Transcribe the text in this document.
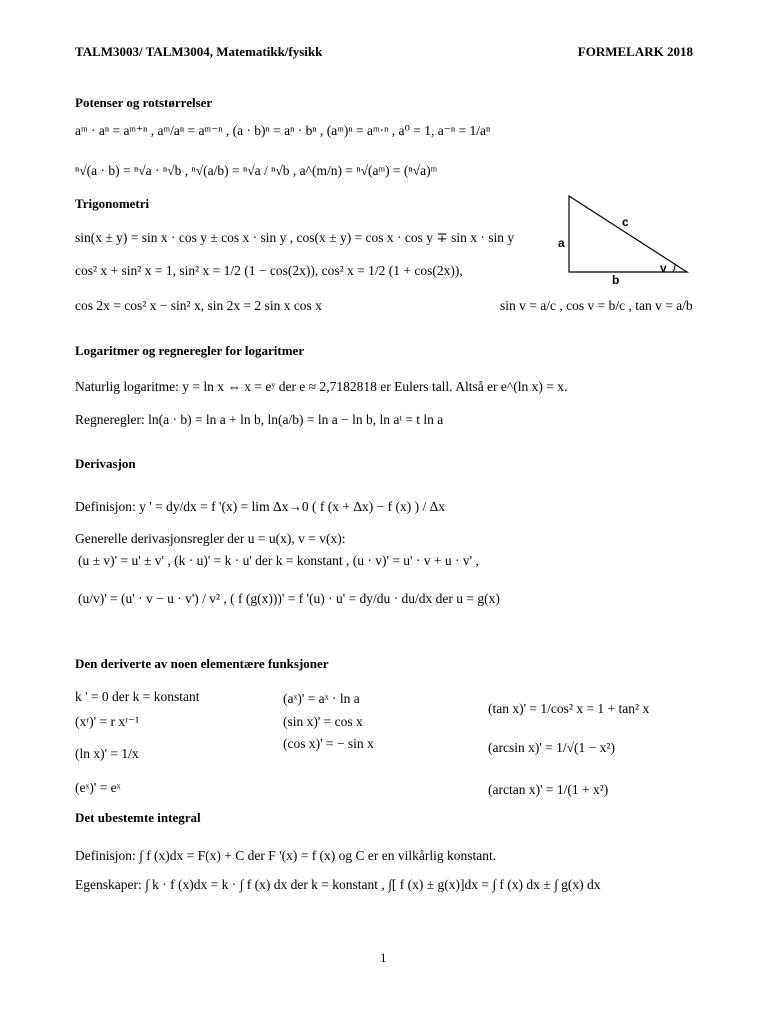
TALM3003/ TALM3004, Matematikk/fysikk	FORMELARK 2018
Potenser og rotstørrelser
aᵐ · aⁿ = aᵐ⁺ⁿ , aᵐ/aⁿ = aᵐ⁻ⁿ , (a · b)ⁿ = aⁿ · bⁿ , (aᵐ)ⁿ = aᵐ·ⁿ , a⁰ = 1, a⁻ⁿ = 1/aⁿ
ⁿ√(a · b) = ⁿ√a · ⁿ√b , ⁿ√(a/b) = ⁿ√a / ⁿ√b , a^(m/n) = ⁿ√(aᵐ) = (ⁿ√a)ᵐ
Trigonometri
sin(x ± y) = sin x · cos y ± cos x · sin y , cos(x ± y) = cos x · cos y ∓ sin x · sin y
cos² x + sin² x = 1, sin² x = 1/2 (1 − cos(2x)), cos² x = 1/2 (1 + cos(2x)),
cos 2x = cos² x − sin² x, sin 2x = 2 sin x cos x	sin v = a/c , cos v = b/c , tan v = a/b
a
b
c
v
Logaritmer og regneregler for logaritmer
Naturlig logaritme: y = ln x ⇔ x = eʸ der e ≈ 2,7182818 er Eulers tall. Altså er e^(ln x) = x.
Regneregler: ln(a · b) = ln a + ln b, ln(a/b) = ln a − ln b, ln aᵗ = t ln a
Derivasjon
Definisjon: y ' = dy/dx = f '(x) = lim Δx→0 ( f (x + Δx) − f (x) ) / Δx
Generelle derivasjonsregler der u = u(x), v = v(x):
(u ± v)' = u' ± v' , (k · u)' = k · u' der k = konstant , (u · v)' = u' · v + u · v' ,
(u/v)' = (u' · v − u · v') / v² , ( f (g(x)))' = f '(u) · u' = dy/du · du/dx der u = g(x)
Den deriverte av noen elementære funksjoner
k ' = 0 der k = konstant
(xʳ)' = r xʳ⁻¹
(ln x)' = 1/x
(eˣ)' = eˣ
(aˣ)' = aˣ · ln a
(sin x)' = cos x
(cos x)' = − sin x
(tan x)' = 1/cos² x = 1 + tan² x
(arcsin x)' = 1/√(1 − x²)
(arctan x)' = 1/(1 + x²)
Det ubestemte integral
Definisjon: ∫ f (x)dx = F(x) + C der F '(x) = f (x) og C er en vilkårlig konstant.
Egenskaper: ∫ k · f (x)dx = k · ∫ f (x) dx der k = konstant , ∫[ f (x) ± g(x)]dx = ∫ f (x) dx ± ∫ g(x) dx
1
